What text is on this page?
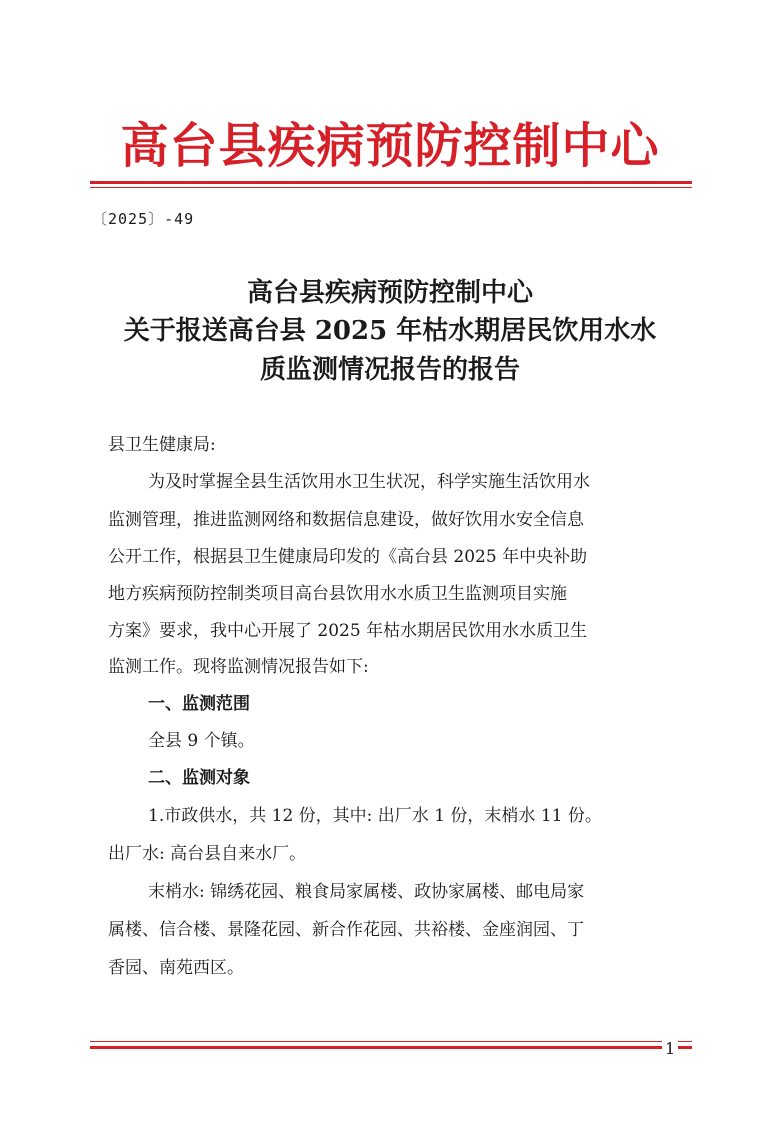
高台县疾病预防控制中心
〔2025〕-49
高台县疾病预防控制中心
关于报送高台县 2025 年枯水期居民饮用水水
质监测情况报告的报告
县卫生健康局:
为及时掌握全县生活饮用水卫生状况，科学实施生活饮用水
监测管理，推进监测网络和数据信息建设，做好饮用水安全信息
公开工作，根据县卫生健康局印发的《高台县 2025 年中央补助
地方疾病预防控制类项目高台县饮用水水质卫生监测项目实施
方案》要求，我中心开展了 2025 年枯水期居民饮用水水质卫生
监测工作。现将监测情况报告如下:
一、监测范围
全县 9 个镇。
二、监测对象
1.市政供水，共 12 份，其中: 出厂水 1 份，末梢水 11 份。
出厂水: 高台县自来水厂。
末梢水: 锦绣花园、粮食局家属楼、政协家属楼、邮电局家
属楼、信合楼、景隆花园、新合作花园、共裕楼、金座润园、丁
香园、南苑西区。
1
